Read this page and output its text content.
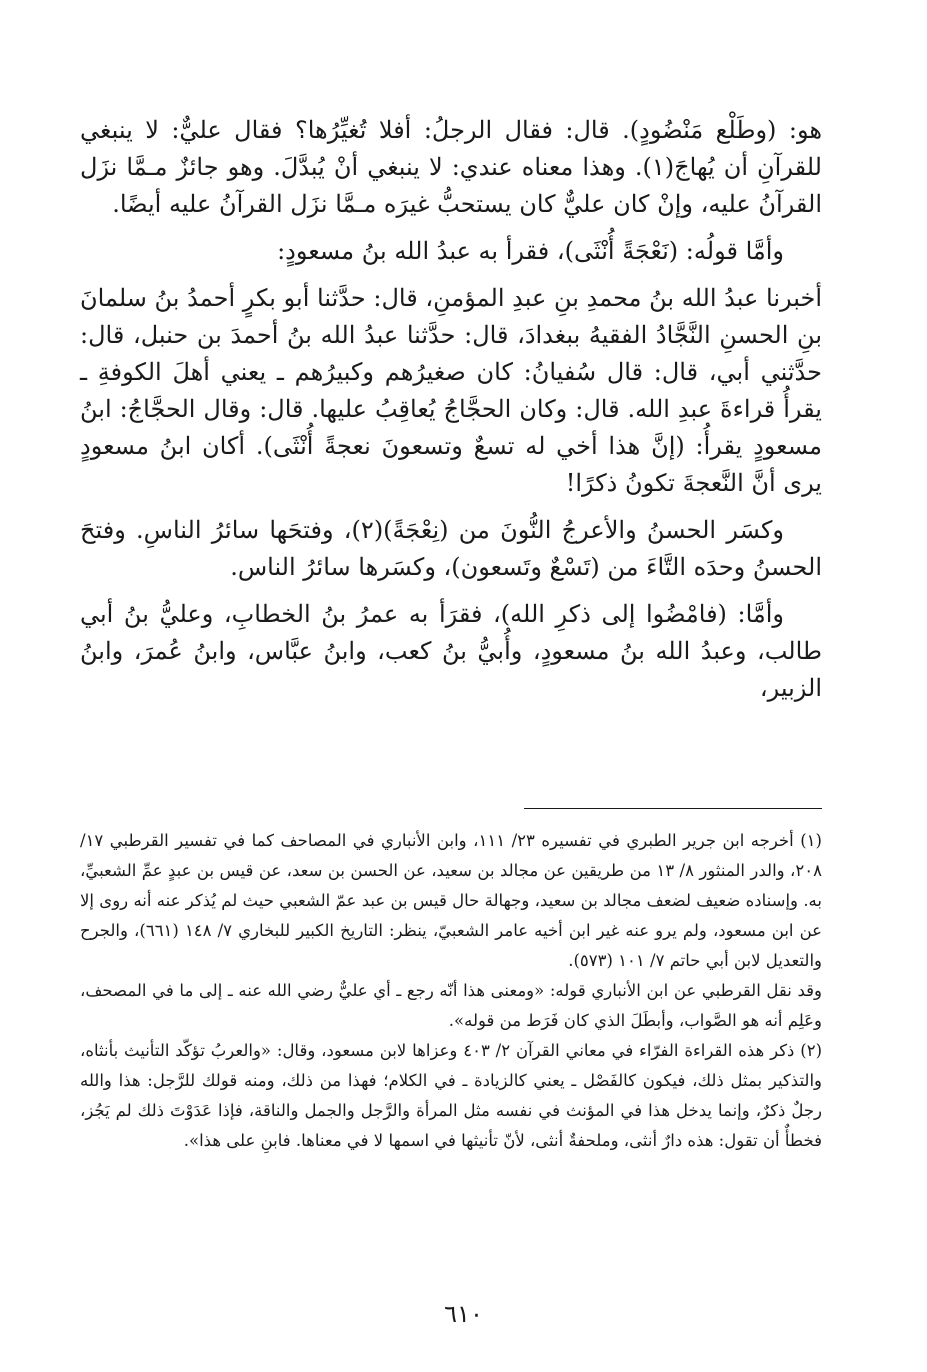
هو: (وطَلْع مَنْضُودٍ). قال: فقال الرجلُ: أفلا تُغيِّرُها؟ فقال عليٌّ: لا ينبغي للقرآنِ أن يُهاجَ(١). وهذا معناه عندي: لا ينبغي أنْ يُبدَّلَ. وهو جائزٌ مـمَّا نزَل القرآنُ عليه، وإنْ كان عليٌّ كان يستحبُّ غيرَه مـمَّا نزَل القرآنُ عليه أيضًا.

وأمَّا قولُه: (نَعْجَةً أُنْثَى)، فقرأ به عبدُ الله بنُ مسعودٍ:

أخبرنا عبدُ الله بنُ محمدِ بنِ عبدِ المؤمنِ، قال: حدَّثنا أبو بكرٍ أحمدُ بنُ سلمانَ بنِ الحسنِ النَّجَّادُ الفقيهُ ببغدادَ، قال: حدَّثنا عبدُ الله بنُ أحمدَ بن حنبل، قال: حدَّثني أبي، قال: قال سُفيانُ: كان صغيرُهم وكبيرُهم ـ يعني أهلَ الكوفةِ ـ يقرأُ قراءةَ عبدِ الله. قال: وكان الحجَّاجُ يُعاقِبُ عليها. قال: وقال الحجَّاجُ: ابنُ مسعودٍ يقرأُ: (إنَّ هذا أخي له تسعٌ وتسعونَ نعجةً أُنْثَى). أكان ابنُ مسعودٍ يرى أنَّ النَّعجةَ تكونُ ذكرًا!

وكسَر الحسنُ والأعرجُ النُّونَ من (نِعْجَةً)(٢)، وفتحَها سائرُ الناسِ. وفتحَ الحسنُ وحدَه التَّاءَ من (تَسْعٌ وتَسعون)، وكسَرها سائرُ الناس.

وأمَّا: (فامْضُوا إلى ذكرِ الله)، فقرَأ به عمرُ بنُ الخطابِ، وعليُّ بنُ أبي طالب، وعبدُ الله بنُ مسعودٍ، وأُبيُّ بنُ كعب، وابنُ عبَّاس، وابنُ عُمرَ، وابنُ الزبير،

(١) أخرجه ابن جرير الطبري في تفسيره ٢٣/ ١١١، وابن الأنباري في المصاحف كما في تفسير القرطبي ١٧/ ٢٠٨، والدر المنثور ٨/ ١٣ من طريقين عن مجالد بن سعيد، عن الحسن بن سعد، عن قيس بن عبدٍ عمِّ الشعبيِّ، به. وإسناده ضعيف لضعف مجالد بن سعيد، وجهالة حال قيس بن عبد عمّ الشعبي حيث لم يُذكر عنه أنه روى إلا عن ابن مسعود، ولم يرو عنه غير ابن أخيه عامر الشعبيّ، ينظر: التاريخ الكبير للبخاري ٧/ ١٤٨ (٦٦١)، والجرح والتعديل لابن أبي حاتم ٧/ ١٠١ (٥٧٣).

وقد نقل القرطبي عن ابن الأنباري قوله: «ومعنى هذا أنّه رجع ـ أي عليٌّ رضي الله عنه ـ إلى ما في المصحف، وعَلِم أنه هو الصَّواب، وأبطَلَ الذي كان فَرَط من قوله».

(٢) ذكر هذه القراءة الفرّاء في معاني القرآن ٢/ ٤٠٣ وعزاها لابن مسعود، وقال: «والعربُ تؤكّد التأنيث بأنثاه، والتذكير بمثل ذلك، فيكون كالفَصْل ـ يعني كالزيادة ـ في الكلام؛ فهذا من ذلك، ومنه قولك للرَّجل: هذا والله رجلٌ ذكرٌ، وإنما يدخل هذا في المؤنث في نفسه مثل المرأة والرَّجل والجمل والناقة، فإذا عَدَوْتَ ذلك لم يَجُز، فخطأٌ أن تقول: هذه دارٌ أنثى، وملحفةٌ أنثى، لأنّ تأنيثها في اسمها لا في معناها. فابنِ على هذا».

٦١٠
